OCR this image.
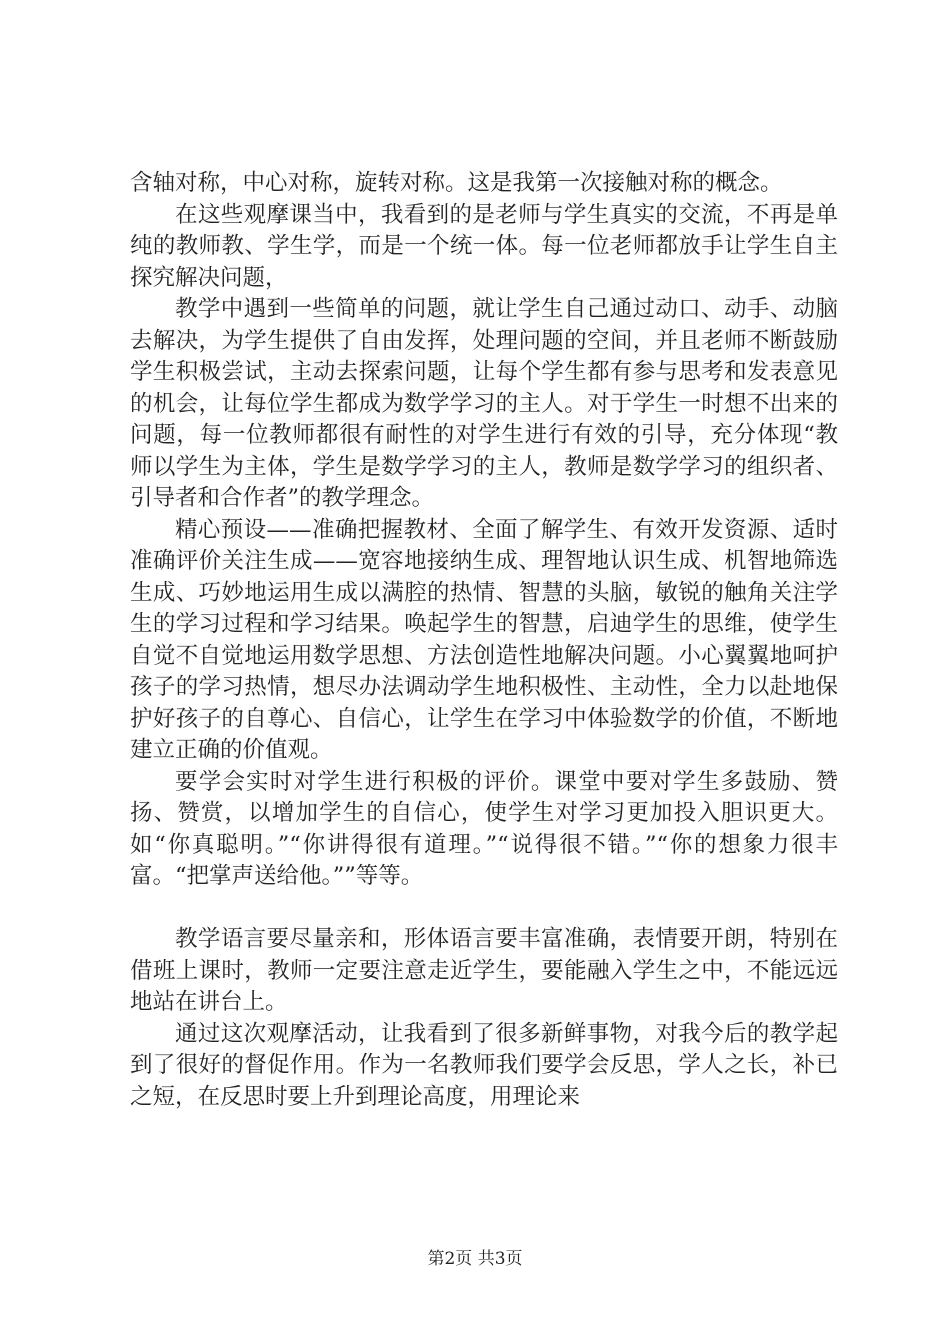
含轴对称，中心对称，旋转对称。这是我第一次接触对称的概念。

在这些观摩课当中，我看到的是老师与学生真实的交流，不再是单纯的教师教、学生学，而是一个统一体。每一位老师都放手让学生自主探究解决问题，

教学中遇到一些简单的问题，就让学生自己通过动口、动手、动脑去解决，为学生提供了自由发挥，处理问题的空间，并且老师不断鼓励学生积极尝试，主动去探索问题，让每个学生都有参与思考和发表意见的机会，让每位学生都成为数学学习的主人。对于学生一时想不出来的问题，每一位教师都很有耐性的对学生进行有效的引导，充分体现“教师以学生为主体，学生是数学学习的主人，教师是数学学习的组织者、引导者和合作者”的教学理念。

精心预设——准确把握教材、全面了解学生、有效开发资源、适时准确评价关注生成——宽容地接纳生成、理智地认识生成、机智地筛选生成、巧妙地运用生成以满腔的热情、智慧的头脑，敏锐的触角关注学生的学习过程和学习结果。唤起学生的智慧，启迪学生的思维，使学生自觉不自觉地运用数学思想、方法创造性地解决问题。小心翼翼地呵护孩子的学习热情，想尽办法调动学生地积极性、主动性，全力以赴地保护好孩子的自尊心、自信心，让学生在学习中体验数学的价值，不断地建立正确的价值观。

要学会实时对学生进行积极的评价。课堂中要对学生多鼓励、赞扬、赞赏，以增加学生的自信心，使学生对学习更加投入胆识更大。如“你真聪明。”“你讲得很有道理。”“说得很不错。”“你的想象力很丰富。“把掌声送给他。””等等。

教学语言要尽量亲和，形体语言要丰富准确，表情要开朗，特别在借班上课时，教师一定要注意走近学生，要能融入学生之中，不能远远地站在讲台上。

通过这次观摩活动，让我看到了很多新鲜事物，对我今后的教学起到了很好的督促作用。作为一名教师我们要学会反思，学人之长，补已之短，在反思时要上升到理论高度，用理论来

第2页 共3页
